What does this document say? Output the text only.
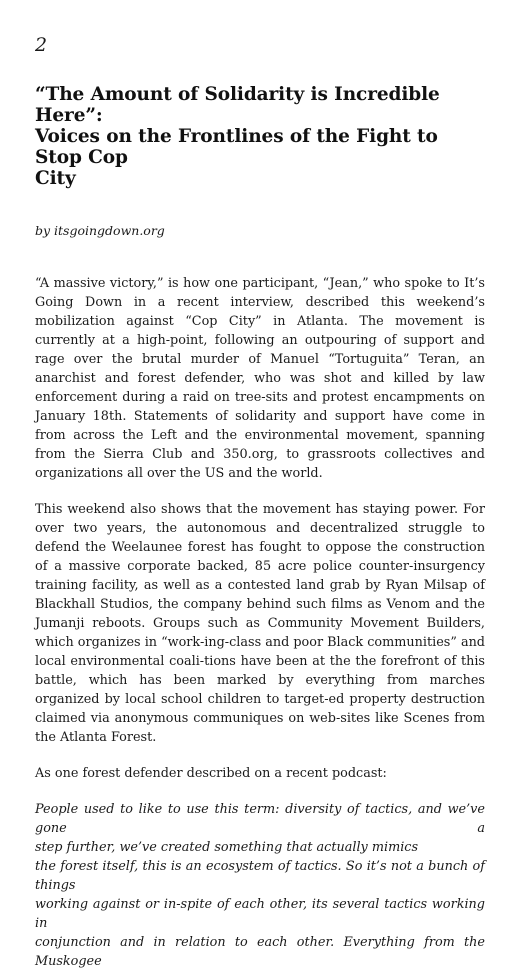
2

“The Amount of Solidarity is Incredible Here”:
Voices on the Frontlines of the Fight to Stop Cop
City

by itsgoingdown.org

“A massive victory,” is how one participant, “Jean,” who spoke to It’s Going Down in a recent interview, described this weekend’s mobilization against “Cop City” in Atlanta. The movement is currently at a high-point, following an outpouring of support and rage over the brutal murder of Manuel “Tortuguita” Teran, an anarchist and forest defender, who was shot and killed by law enforcement during a raid on tree-sits and protest encampments on January 18th. Statements of solidarity and support have come in from across the Left and the environmental movement, spanning from the Sierra Club and 350.org, to grassroots collectives and organizations all over the US and the world.

This weekend also shows that the movement has staying power. For over two years, the autonomous and decentralized struggle to defend the Weelaunee forest has fought to oppose the construction of a massive corporate backed, 85 acre police counter-insurgency training facility, as well as a contested land grab by Ryan Milsap of Blackhall Studios, the company behind such films as Venom and the Jumanji reboots. Groups such as Community Movement Builders, which organizes in “work-ing-class and poor Black communities” and local environmental coali-tions have been at the the forefront of this battle, which has been marked by everything from marches organized by local school children to target-ed property destruction claimed via anonymous communiques on web-sites like Scenes from the Atlanta Forest.

As one forest defender described on a recent podcast:

People used to like to use this term: diversity of tactics, and we’ve gone a
step further, we’ve created something that actually mimics
the forest itself, this is an ecosystem of tactics. So it’s not a bunch of things
working against or in-spite of each other, its several tactics working in
conjunction and in relation to each other. Everything from the Muskogee
